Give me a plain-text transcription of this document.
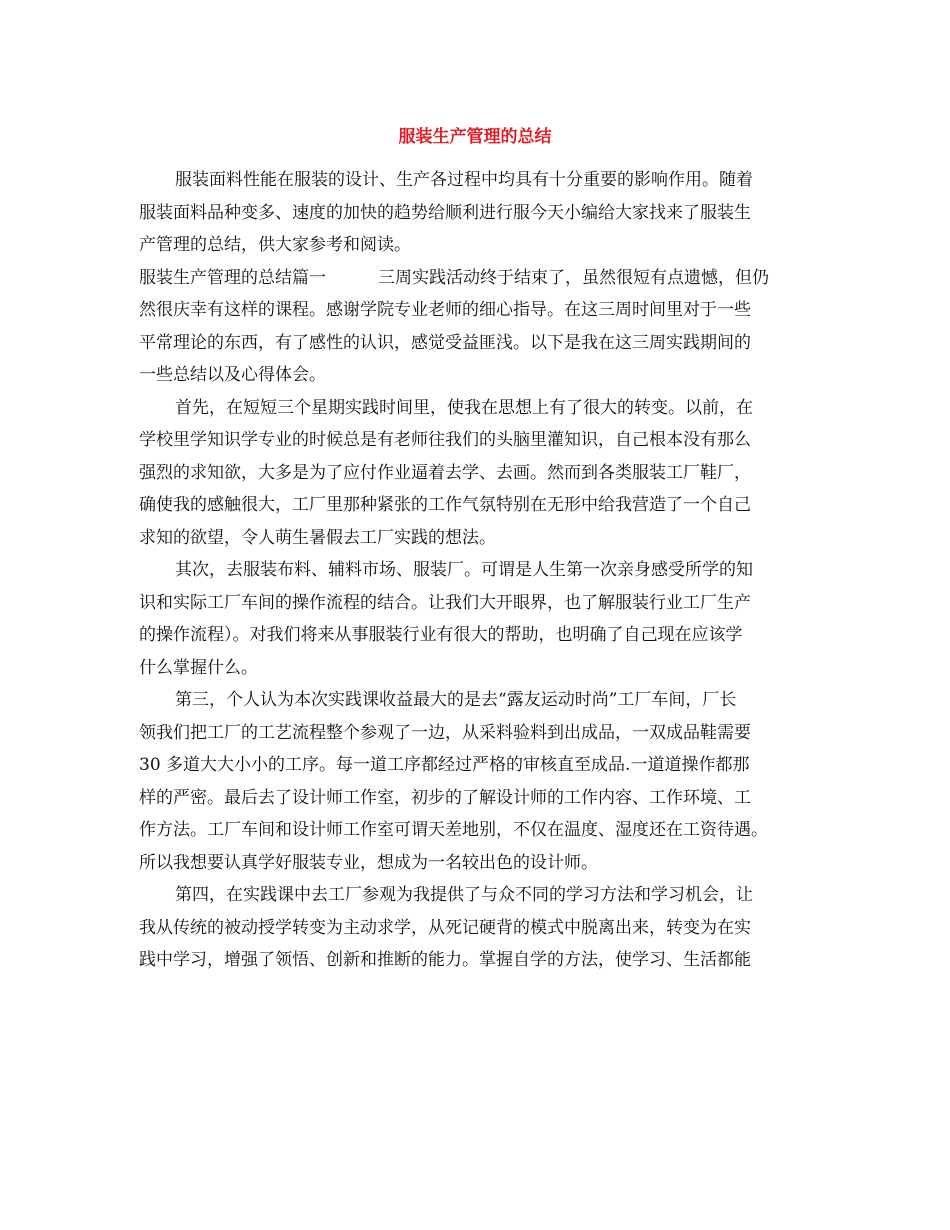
服装生产管理的总结
服装面料性能在服装的设计、生产各过程中均具有十分重要的影响作用。随着
服装面料品种变多、速度的加快的趋势给顺利进行服今天小编给大家找来了服装生
产管理的总结，供大家参考和阅读。
服装生产管理的总结篇一	三周实践活动终于结束了，虽然很短有点遗憾，但仍
然很庆幸有这样的课程。感谢学院专业老师的细心指导。在这三周时间里对于一些
平常理论的东西，有了感性的认识，感觉受益匪浅。以下是我在这三周实践期间的
一些总结以及心得体会。
首先，在短短三个星期实践时间里，使我在思想上有了很大的转变。以前，在
学校里学知识学专业的时候总是有老师往我们的头脑里灌知识，自己根本没有那么
强烈的求知欲，大多是为了应付作业逼着去学、去画。然而到各类服装工厂鞋厂，
确使我的感触很大，工厂里那种紧张的工作气氛特别在无形中给我营造了一个自己
求知的欲望，令人萌生暑假去工厂实践的想法。
其次，去服装布料、辅料市场、服装厂。可谓是人生第一次亲身感受所学的知
识和实际工厂车间的操作流程的结合。让我们大开眼界，也了解服装行业工厂生产
的操作流程）。对我们将来从事服装行业有很大的帮助，也明确了自己现在应该学
什么掌握什么。
第三，个人认为本次实践课收益最大的是去“露友运动时尚”工厂车间，厂长
领我们把工厂的工艺流程整个参观了一边，从采料验料到出成品，一双成品鞋需要
30 多道大大小小的工序。每一道工序都经过严格的审核直至成品.一道道操作都那
样的严密。最后去了设计师工作室，初步的了解设计师的工作内容、工作环境、工
作方法。工厂车间和设计师工作室可谓天差地别，不仅在温度、湿度还在工资待遇。
所以我想要认真学好服装专业，想成为一名较出色的设计师。
第四，在实践课中去工厂参观为我提供了与众不同的学习方法和学习机会，让
我从传统的被动授学转变为主动求学，从死记硬背的模式中脱离出来，转变为在实
践中学习，增强了领悟、创新和推断的能力。掌握自学的方法，使学习、生活都能
